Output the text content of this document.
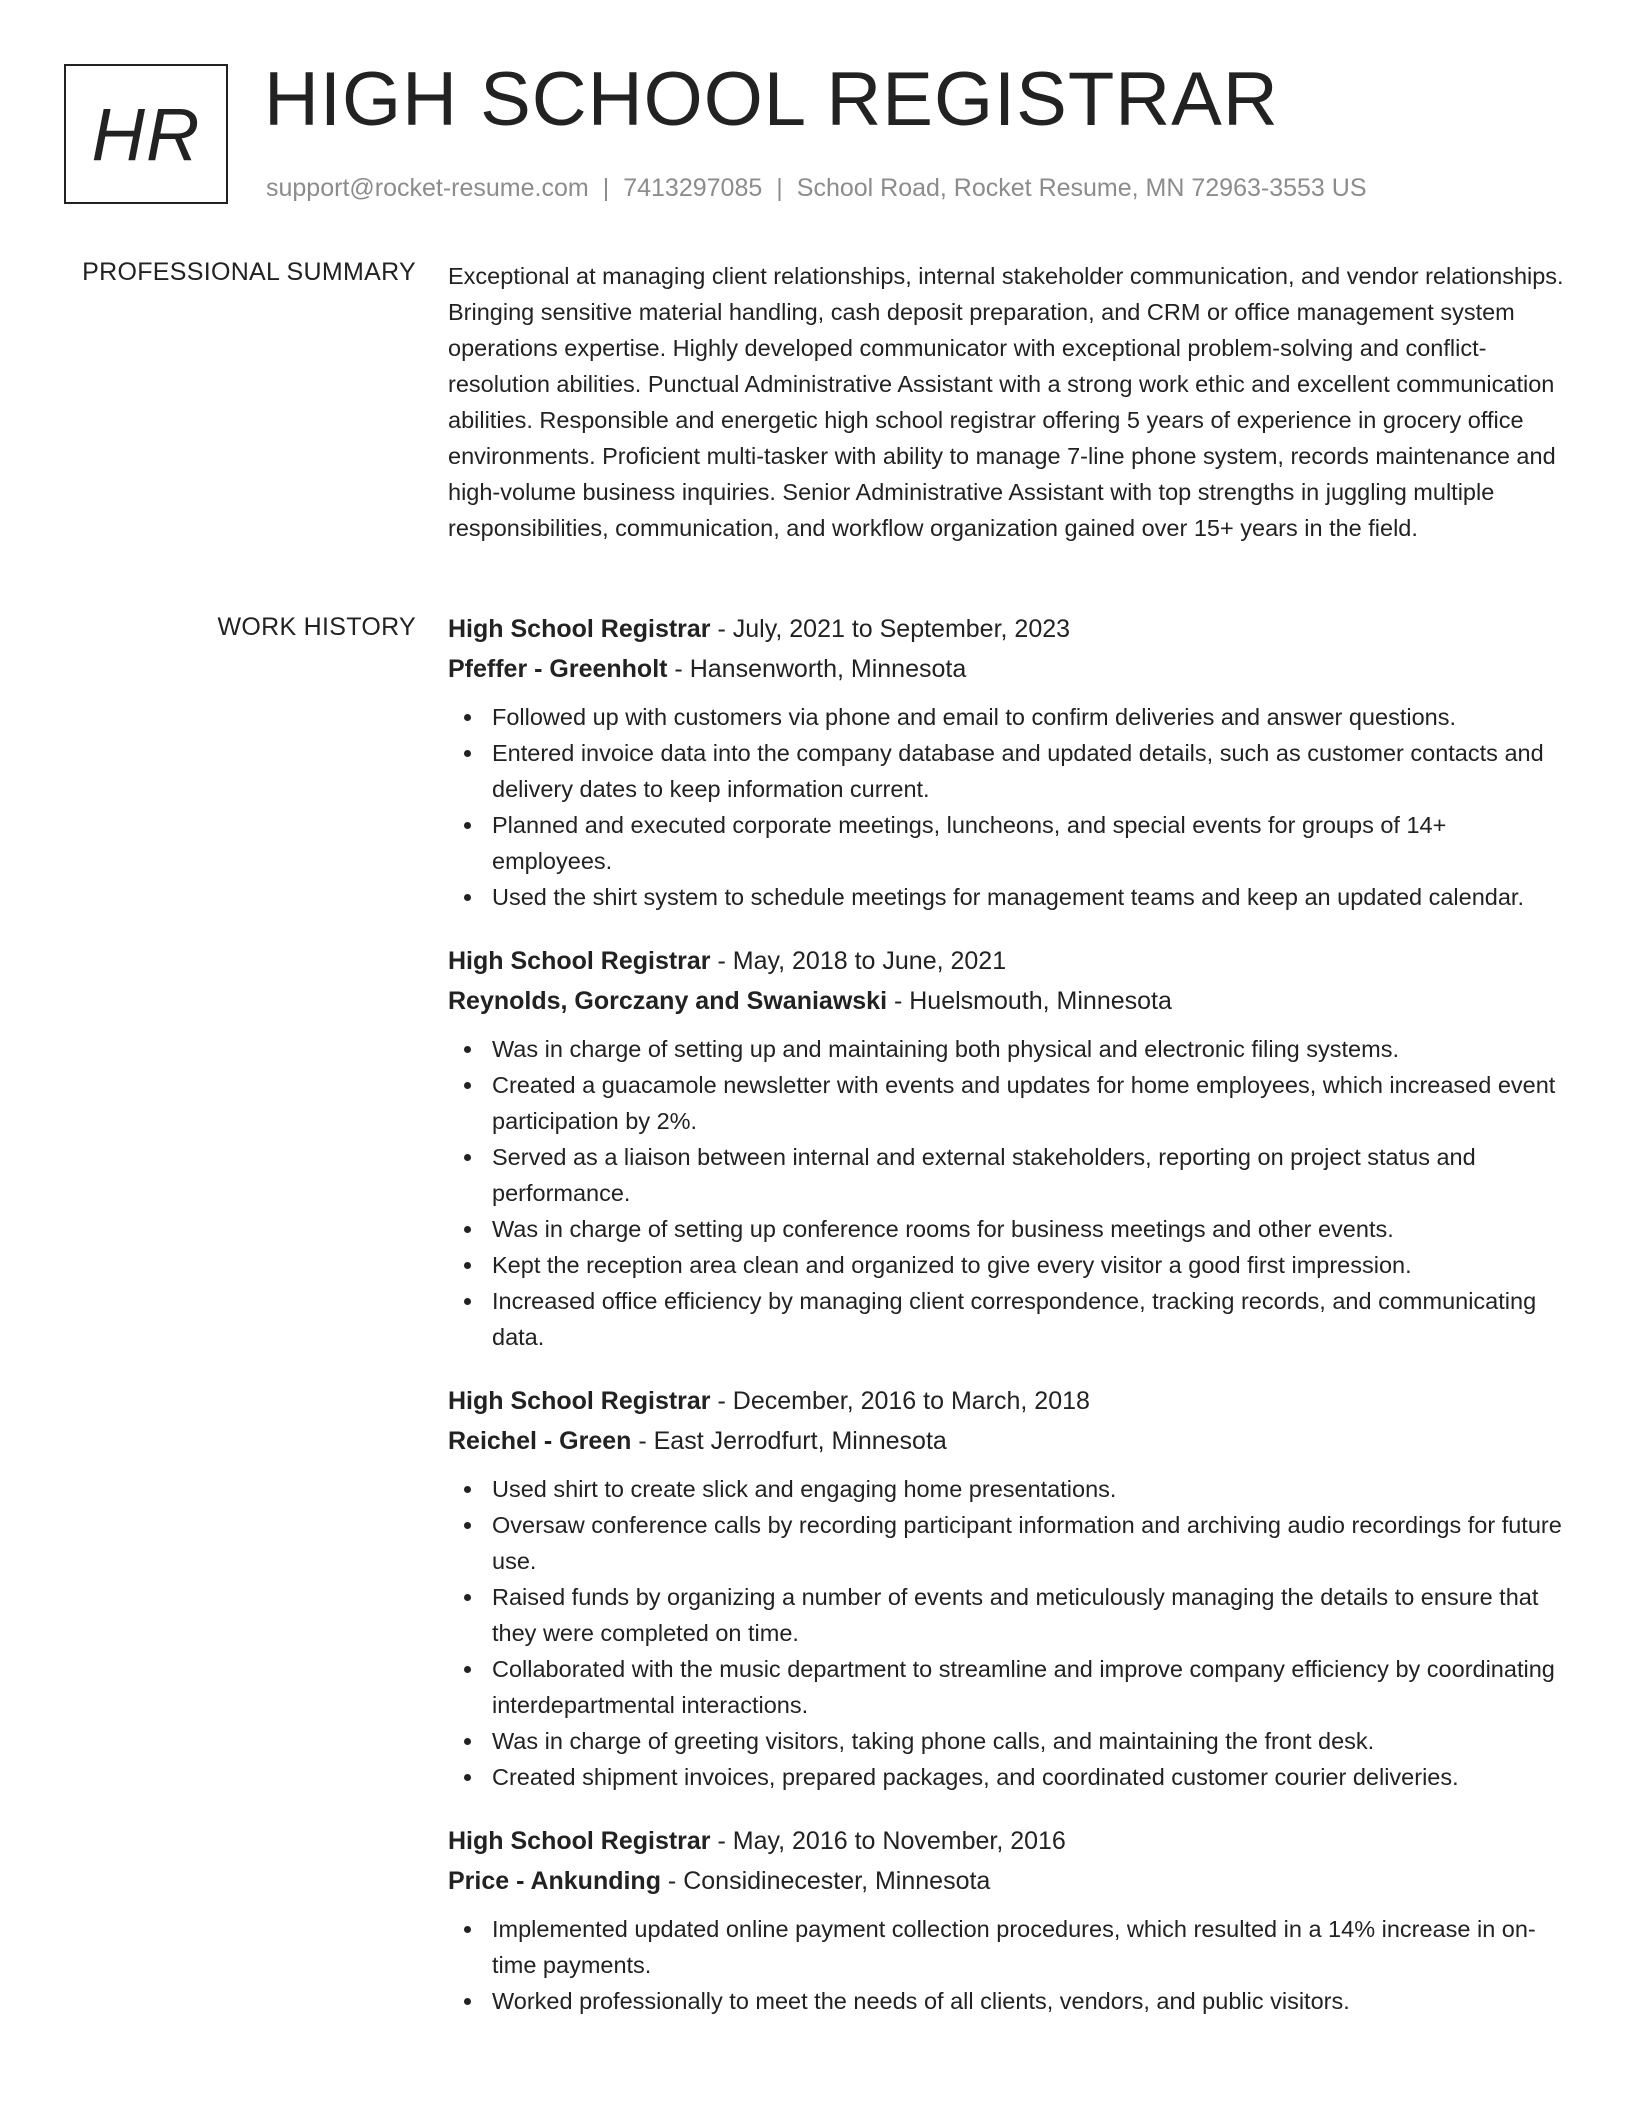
HR HIGH SCHOOL REGISTRAR
support@rocket-resume.com | 7413297085 | School Road, Rocket Resume, MN 72963-3553 US
PROFESSIONAL SUMMARY Exceptional at managing client relationships, internal stakeholder communication, and vendor relationships. Bringing sensitive material handling, cash deposit preparation, and CRM or office management system operations expertise. Highly developed communicator with exceptional problem-solving and conflict-resolution abilities. Punctual Administrative Assistant with a strong work ethic and excellent communication abilities. Responsible and energetic high school registrar offering 5 years of experience in grocery office environments. Proficient multi-tasker with ability to manage 7-line phone system, records maintenance and high-volume business inquiries. Senior Administrative Assistant with top strengths in juggling multiple responsibilities, communication, and workflow organization gained over 15+ years in the field.

WORK HISTORY High School Registrar - July, 2021 to September, 2023
Pfeffer - Greenholt - Hansenworth, Minnesota
Followed up with customers via phone and email to confirm deliveries and answer questions.
Entered invoice data into the company database and updated details, such as customer contacts and delivery dates to keep information current.
Planned and executed corporate meetings, luncheons, and special events for groups of 14+ employees.
Used the shirt system to schedule meetings for management teams and keep an updated calendar.
High School Registrar - May, 2018 to June, 2021
Reynolds, Gorczany and Swaniawski - Huelsmouth, Minnesota
Was in charge of setting up and maintaining both physical and electronic filing systems.
Created a guacamole newsletter with events and updates for home employees, which increased event participation by 2%.
Served as a liaison between internal and external stakeholders, reporting on project status and performance.
Was in charge of setting up conference rooms for business meetings and other events.
Kept the reception area clean and organized to give every visitor a good first impression.
Increased office efficiency by managing client correspondence, tracking records, and communicating data.
High School Registrar - December, 2016 to March, 2018
Reichel - Green - East Jerrodfurt, Minnesota
Used shirt to create slick and engaging home presentations.
Oversaw conference calls by recording participant information and archiving audio recordings for future use.
Raised funds by organizing a number of events and meticulously managing the details to ensure that they were completed on time.
Collaborated with the music department to streamline and improve company efficiency by coordinating interdepartmental interactions.
Was in charge of greeting visitors, taking phone calls, and maintaining the front desk.
Created shipment invoices, prepared packages, and coordinated customer courier deliveries.
High School Registrar - May, 2016 to November, 2016
Price - Ankunding - Considinecester, Minnesota
Implemented updated online payment collection procedures, which resulted in a 14% increase in on-time payments.
Worked professionally to meet the needs of all clients, vendors, and public visitors.
